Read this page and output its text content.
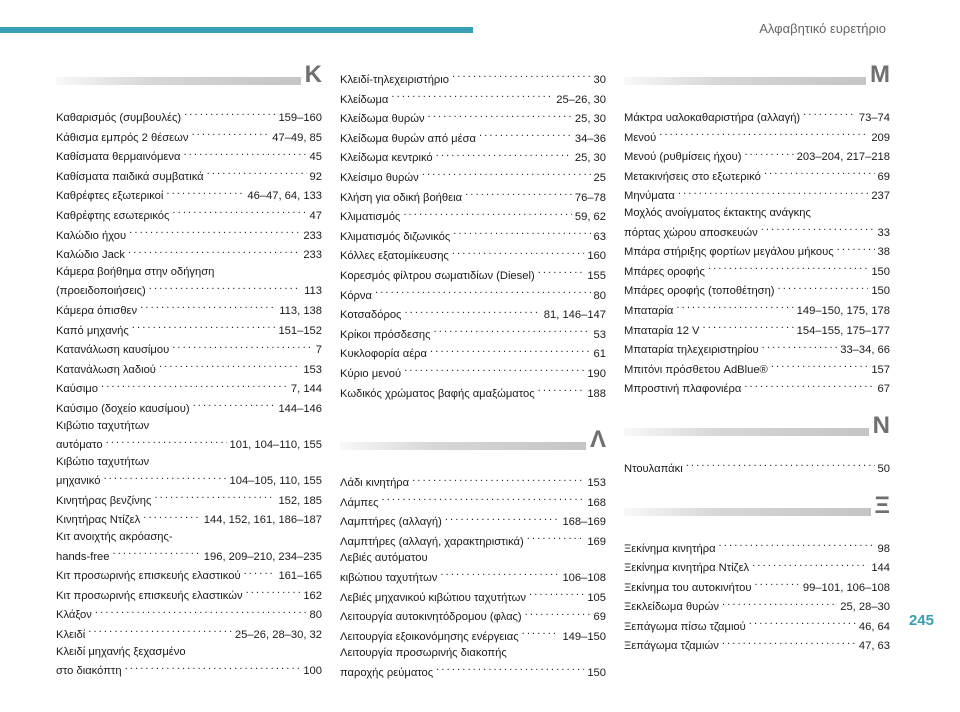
Αλφαβητικό ευρετήριο
K
Καθαρισμός (συμβουλές) . . .	159–160
Κάθισμα εμπρός 2 θέσεων . . .	47–49, 85
Καθίσματα θερμαινόμενα . . .	45
Καθίσματα παιδικά συμβατικά . . .	92
Καθρέφτες εξωτερικοί . . .	46–47, 64, 133
Καθρέφτης εσωτερικός . . .	47
Καλώδιο ήχου . . .	233
Καλώδιο Jack . . .	233
Κάμερα βοήθημα στην οδήγηση
(προειδοποιήσεις) . . .	113
Κάμερα όπισθεν . . .	113, 138
Καπό μηχανής . . .	151–152
Κατανάλωση καυσίμου . . .	7
Κατανάλωση λαδιού . . .	153
Καύσιμο . . .	7, 144
Καύσιμο (δοχείο καυσίμου) . . .	144–146
Κιβώτιο ταχυτήτων
αυτόματο . . .	101, 104–110, 155
Κιβώτιο ταχυτήτων
μηχανικό . . .	104–105, 110, 155
Κινητήρας βενζίνης . . .	152, 185
Κινητήρας Ντίζελ . . .	144, 152, 161, 186–187
Κιτ ανοιχτής ακρόασης-
hands-free . . .	196, 209–210, 234–235
Κιτ προσωρινής επισκευής ελαστικού . . .	161–165
Κιτ προσωρινής επισκευής ελαστικών . . .	162
Κλάξον . . .	80
Κλειδί . . .	25–26, 28–30, 32
Κλειδί μηχανής ξεχασμένο
στο διακόπτη . . .	100
Κλειδί-τηλεχειριστήριο . . .	30
Κλείδωμα . . .	25–26, 30
Κλείδωμα θυρών . . .	25, 30
Κλείδωμα θυρών από μέσα . . .	34–36
Κλείδωμα κεντρικό . . .	25, 30
Κλείσιμο θυρών . . .	25
Κλήση για οδική βοήθεια . . .	76–78
Κλιματισμός . . .	59, 62
Κλιματισμός διζωνικός . . .	63
Κόλλες εξατομίκευσης . . .	160
Κορεσμός φίλτρου σωματιδίων (Diesel) . . .	155
Κόρνα . . .	80
Κοτσαδόρος . . .	81, 146–147
Κρίκοι πρόσδεσης . . .	53
Κυκλοφορία αέρα . . .	61
Κύριο μενού . . .	190
Κωδικός χρώματος βαφής αμαξώματος . . .	188
Λ
Λάδι κινητήρα . . .	153
Λάμπες . . .	168
Λαμπτήρες (αλλαγή) . . .	168–169
Λαμπτήρες (αλλαγή, χαρακτηριστικά) . . .	169
Λεβιές αυτόματου
κιβώτιου ταχυτήτων . . .	106–108
Λεβιές μηχανικού κιβώτιου ταχυτήτων . . .	105
Λειτουργία αυτοκινητόδρομου (φλας) . . .	69
Λειτουργία εξοικονόμησης ενέργειας . . .	149–150
Λειτουργία προσωρινής διακοπής
παροχής ρεύματος . . .	150
M
Μάκτρα υαλοκαθαριστήρα (αλλαγή) . . .	73–74
Μενού . . .	209
Μενού (ρυθμίσεις ήχου) . . .	203–204, 217–218
Μετακινήσεις στο εξωτερικό . . .	69
Μηνύματα . . .	237
Μοχλός ανοίγματος έκτακτης ανάγκης
πόρτας χώρου αποσκευών . . .	33
Μπάρα στήριξης φορτίων μεγάλου μήκους . . .	38
Μπάρες οροφής . . .	150
Μπάρες οροφής (τοποθέτηση) . . .	150
Μπαταρία . . .	149–150, 175, 178
Μπαταρία 12 V . . .	154–155, 175–177
Μπαταρία τηλεχειριστηρίου . . .	33–34, 66
Μπιτόνι πρόσθετου AdBlue® . . .	157
Μπροστινή πλαφονιέρα . . .	67
N
Ντουλαπάκι . . .	50
Ξ
Ξεκίνημα κινητήρα . . .	98
Ξεκίνημα κινητήρα Ντίζελ . . .	144
Ξεκίνημα του αυτοκινήτου . . .	99–101, 106–108
Ξεκλείδωμα θυρών . . .	25, 28–30
Ξεπάγωμα πίσω τζαμιού . . .	46, 64
Ξεπάγωμα τζαμιών . . .	47, 63
245
